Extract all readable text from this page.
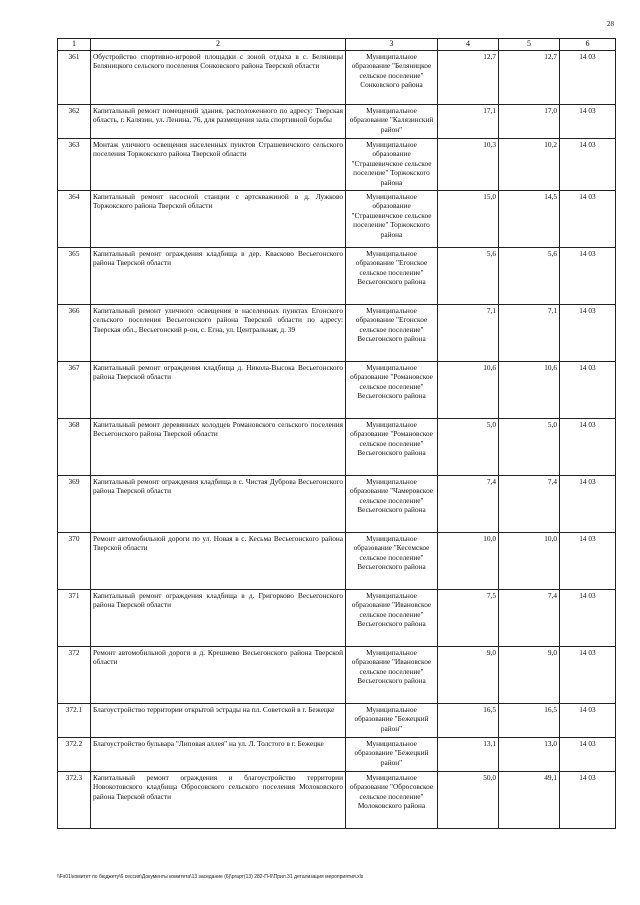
28
1	2	3	4	5	6
361	Обустройство спортивно-игровой площадки с зоной отдыха в с. Беляницы Беляницкого сельского поселения Сонковского района Тверской области	Муниципальное образование "Беляницкое сельское поселение" Сонковского района	12,7	12,7	14 03
362	Капитальный ремонт помещений здания, расположенного по адресу: Тверская область, г. Калязин, ул. Ленина, 76, для размещения зала спортивной борьбы	Муниципальное образование "Калязинский район"	17,1	17,0	14 03
363	Монтаж уличного освещения населенных пунктов Страшевичского сельского поселения Торжокского района Тверской области	Муниципальное образование "Страшевичское сельское поселение" Торжокского района	10,3	10,2	14 03
364	Капитальный ремонт насосной станции с артскважиной в д. Лужково Торжокского района Тверской области	Муниципальное образование "Страшевичское сельское поселение" Торжокского района	15,0	14,5	14 03
365	Капитальный ремонт ограждения кладбища в дер. Квасково Весьегонского района Тверской области	Муниципальное образование "Егонское сельское поселение" Весьегонского района	5,6	5,6	14 03
366	Капитальный ремонт уличного освещения в населенных пунктах Егонского сельского поселения Весьегонского района Тверской области по адресу: Тверская обл., Весьегонский р-он, с. Егна, ул. Центральная, д. 39	Муниципальное образование "Егонское сельское поселение" Весьегонского района	7,1	7,1	14 03
367	Капитальный ремонт ограждения кладбища д. Никола-Высока Весьегонского района Тверской области	Муниципальное образование "Романовское сельское поселение" Весьегонского района	10,6	10,6	14 03
368	Капитальный ремонт деревянных колодцев Романовского сельского поселения Весьегонского района Тверской области	Муниципальное образование "Романовское сельское поселение" Весьегонского района	5,0	5,0	14 03
369	Капитальный ремонт ограждения кладбища в с. Чистая Дуброва Весьегонского района Тверской области	Муниципальное образование "Чамеровское сельское поселение" Весьегонского района	7,4	7,4	14 03
370	Ремонт автомобильной дороги по ул. Новая в с. Кесьма Весьегонского района Тверской области	Муниципальное образование "Кесемское сельское поселение" Весьегонского района	10,0	10,0	14 03
371	Капитальный ремонт ограждения кладбища в д. Григорково Весьегонского района Тверской области	Муниципальное образование "Ивановское сельское поселение" Весьегонского района	7,5	7,4	14 03
372	Ремонт автомобильной дороги в д. Крешнево Весьегонского района Тверской области	Муниципальное образование "Ивановское сельское поселение" Весьегонского района	9,0	9,0	14 03
372.1	Благоустройство территории открытой эстрады на пл. Советской в г. Бежецке	Муниципальное образование "Бежецкий район"	16,5	16,5	14 03
372.2	Благоустройство бульвара "Липовая аллея" на ул. Л. Толстого в г. Бежецке	Муниципальное образование "Бежецкий район"	13,1	13,0	14 03
372.3	Капитальный ремонт ограждения и благоустройство территории Новокотовского кладбища Обросовского сельского поселения Молоковского района Тверской области	Муниципальное образование "Обросовское сельское поселение" Молоковского района	50,0	49,1	14 03
\\Fs01\комитет по бюджету\6 сессия\Документы комитета\13 заседание (6)\ргарт(13) 282-П-6\Прил.31 детализация мероприятия.xls
